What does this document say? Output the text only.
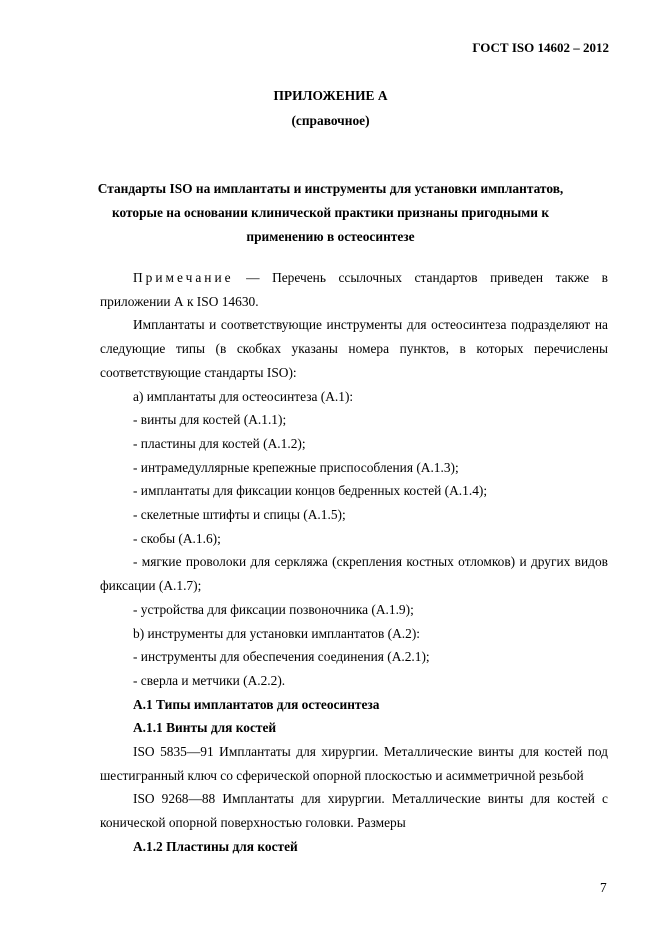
ГОСТ ISO 14602 – 2012
ПРИЛОЖЕНИЕ А
(справочное)
Стандарты ISO на имплантаты и инструменты для установки имплантатов,
которые на основании клинической практики признаны пригодными к
применению в остеосинтезе

Примечание — Перечень ссылочных стандартов приведен также в приложении А к ISO 14630.

Имплантаты и соответствующие инструменты для остеосинтеза подразделяют на следующие типы (в скобках указаны номера пунктов, в которых перечислены соответствующие стандарты ISO):

а) имплантаты для остеосинтеза (А.1):

- винты для костей (А.1.1);

- пластины для костей (А.1.2);

- интрамедуллярные крепежные приспособления (А.1.3);

- имплантаты для фиксации концов бедренных костей (А.1.4);

- скелетные штифты и спицы (А.1.5);

- скобы (А.1.6);

- мягкие проволоки для серкляжа (скрепления костных отломков) и других видов фиксации (А.1.7);

- устройства для фиксации позвоночника (А.1.9);

b) инструменты для установки имплантатов (А.2):

- инструменты для обеспечения соединения (А.2.1);

- сверла и метчики (А.2.2).

А.1 Типы имплантатов для остеосинтеза

А.1.1 Винты для костей

ISO 5835—91 Имплантаты для хирургии. Металлические винты для костей под шестигранный ключ со сферической опорной плоскостью и асимметричной резьбой

ISO 9268—88 Имплантаты для хирургии. Металлические винты для костей с конической опорной поверхностью головки. Размеры

А.1.2 Пластины для костей

7
